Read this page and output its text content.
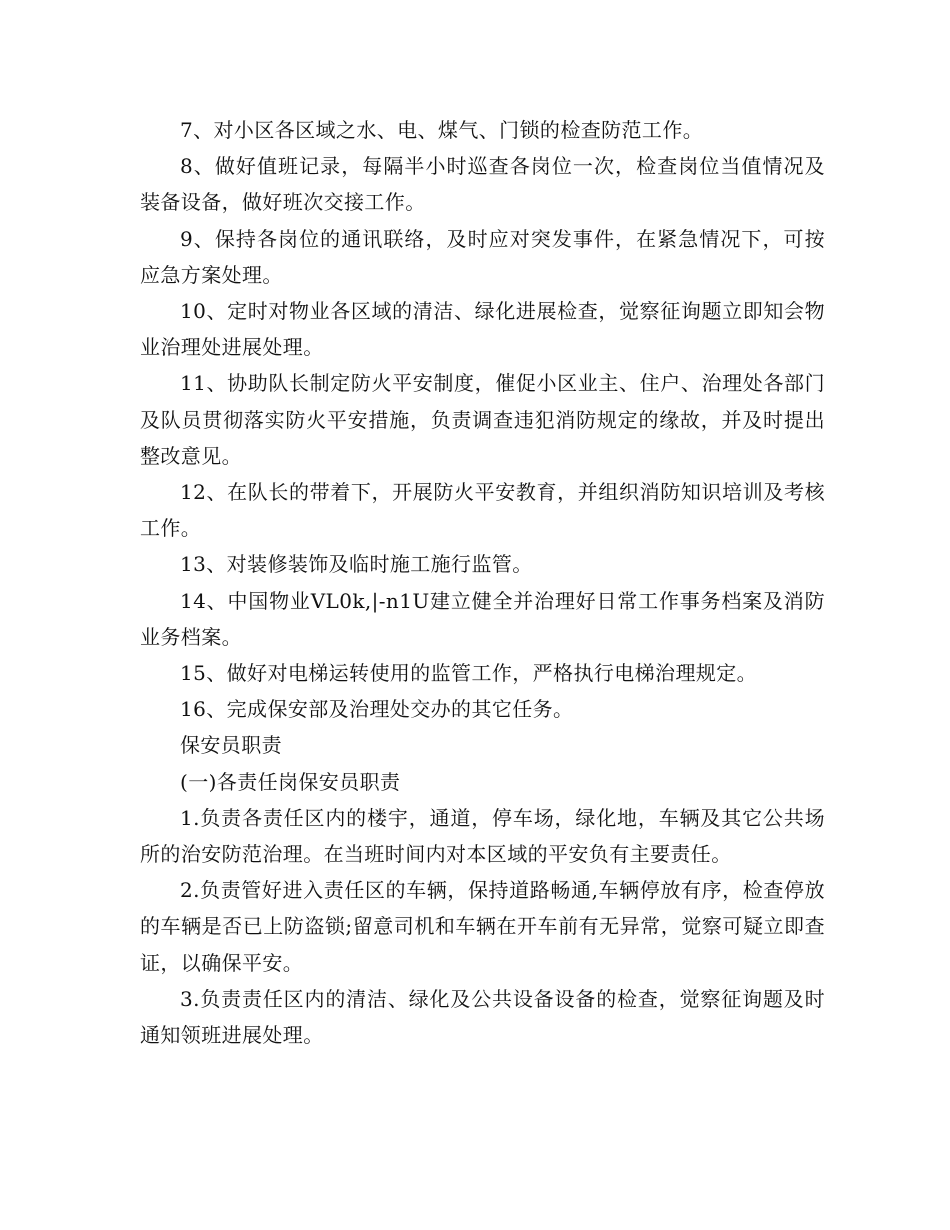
7、对小区各区域之水、电、煤气、门锁的检查防范工作。

8、做好值班记录，每隔半小时巡查各岗位一次，检查岗位当值情况及装备设备，做好班次交接工作。

9、保持各岗位的通讯联络，及时应对突发事件，在紧急情况下，可按应急方案处理。

10、定时对物业各区域的清洁、绿化进展检查，觉察征询题立即知会物业治理处进展处理。

11、协助队长制定防火平安制度，催促小区业主、住户、治理处各部门及队员贯彻落实防火平安措施，负责调查违犯消防规定的缘故，并及时提出整改意见。

12、在队长的带着下，开展防火平安教育，并组织消防知识培训及考核工作。

13、对装修装饰及临时施工施行监管。

14、中国物业VL0k,|-n1U建立健全并治理好日常工作事务档案及消防业务档案。

15、做好对电梯运转使用的监管工作，严格执行电梯治理规定。

16、完成保安部及治理处交办的其它任务。

保安员职责

(一)各责任岗保安员职责

1.负责各责任区内的楼宇，通道，停车场，绿化地，车辆及其它公共场所的治安防范治理。在当班时间内对本区域的平安负有主要责任。

2.负责管好进入责任区的车辆，保持道路畅通,车辆停放有序，检查停放的车辆是否已上防盗锁;留意司机和车辆在开车前有无异常，觉察可疑立即查证，以确保平安。

3.负责责任区内的清洁、绿化及公共设备设备的检查，觉察征询题及时通知领班进展处理。
